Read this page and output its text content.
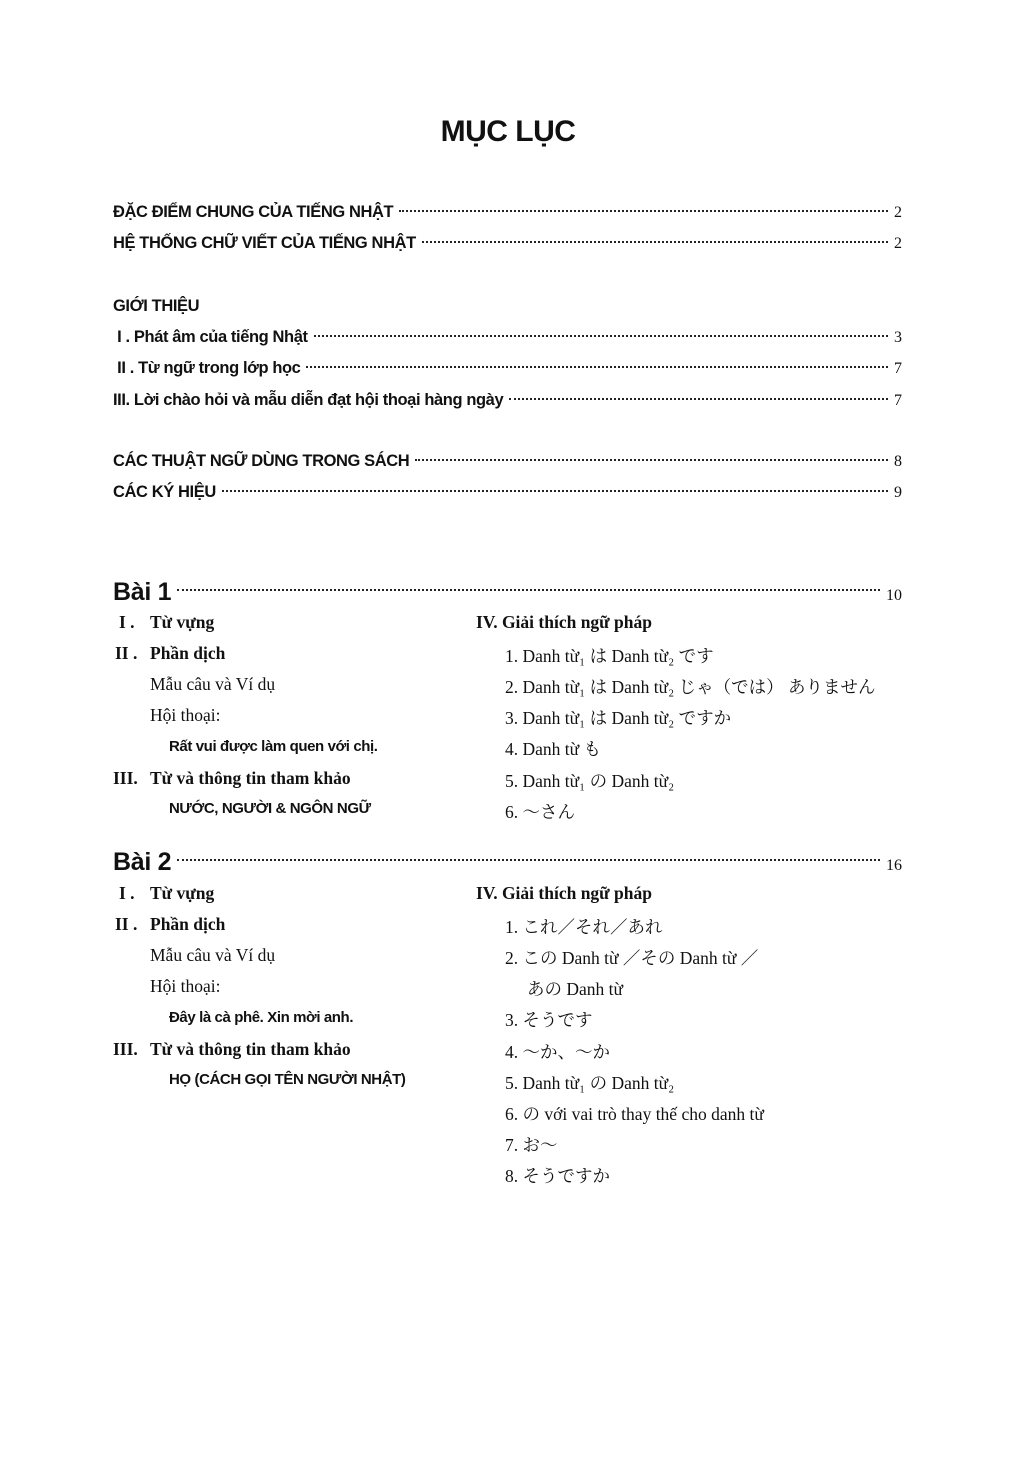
MỤC LỤC
ĐẶC ĐIỂM CHUNG CỦA TIẾNG NHẬT	2
HỆ THỐNG CHỮ VIẾT CỦA TIẾNG NHẬT	2
GIỚI THIỆU
I . Phát âm của tiếng Nhật	3
II . Từ ngữ trong lớp học	7
III. Lời chào hỏi và mẫu diễn đạt hội thoại hàng ngày	7
CÁC THUẬT NGỮ DÙNG TRONG SÁCH	8
CÁC KÝ HIỆU	9
Bài 1	10
I . Từ vựng
II . Phần dịch
Mẫu câu và Ví dụ
Hội thoại:
Rất vui được làm quen với chị.
III. Từ và thông tin tham khảo
NƯỚC, NGƯỜI & NGÔN NGỮ
IV. Giải thích ngữ pháp
1. Danh từ₁ は Danh từ₂ です
2. Danh từ₁ は Danh từ₂ じゃ（では） ありません
3. Danh từ₁ は Danh từ₂ ですか
4. Danh từ も
5. Danh từ₁ の Danh từ₂
6. ～さん
Bài 2	16
I . Từ vựng
II . Phần dịch
Mẫu câu và Ví dụ
Hội thoại:
Đây là cà phê. Xin mời anh.
III. Từ và thông tin tham khảo
HỌ (CÁCH GỌI TÊN NGƯỜI NHẬT)
IV. Giải thích ngữ pháp
1. これ／それ／あれ
2. この Danh từ ／その Danh từ ／
あの Danh từ
3. そうです
4. ～か、～か
5. Danh từ₁ の Danh từ₂
6. の với vai trò thay thế cho danh từ
7. お～
8. そうですか
